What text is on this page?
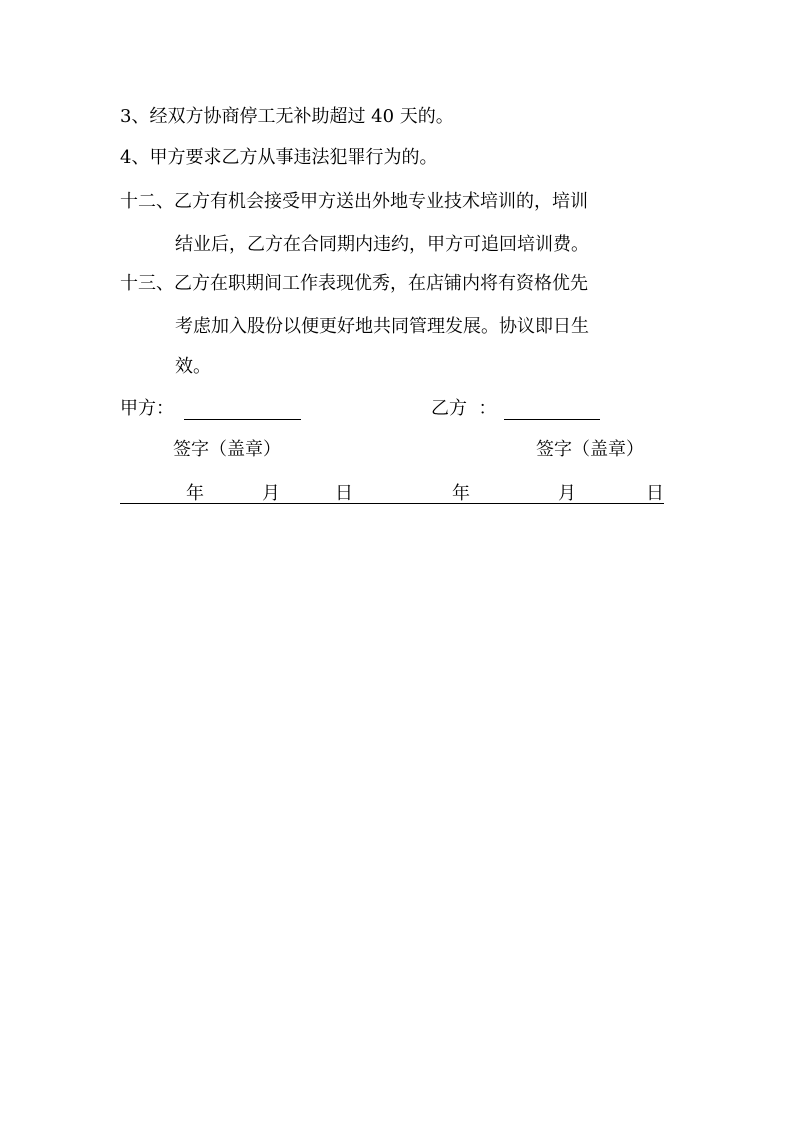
3、经双方协商停工无补助超过 40 天的。
4、甲方要求乙方从事违法犯罪行为的。
十二、乙方有机会接受甲方送出外地专业技术培训的，培训
结业后，乙方在合同期内违约，甲方可追回培训费。
十三、乙方在职期间工作表现优秀，在店铺内将有资格优先
考虑加入股份以便更好地共同管理发展。协议即日生
效。
甲方：	乙方  ：
签字（盖章）	签字（盖章）
年	月	日	年	月	日
